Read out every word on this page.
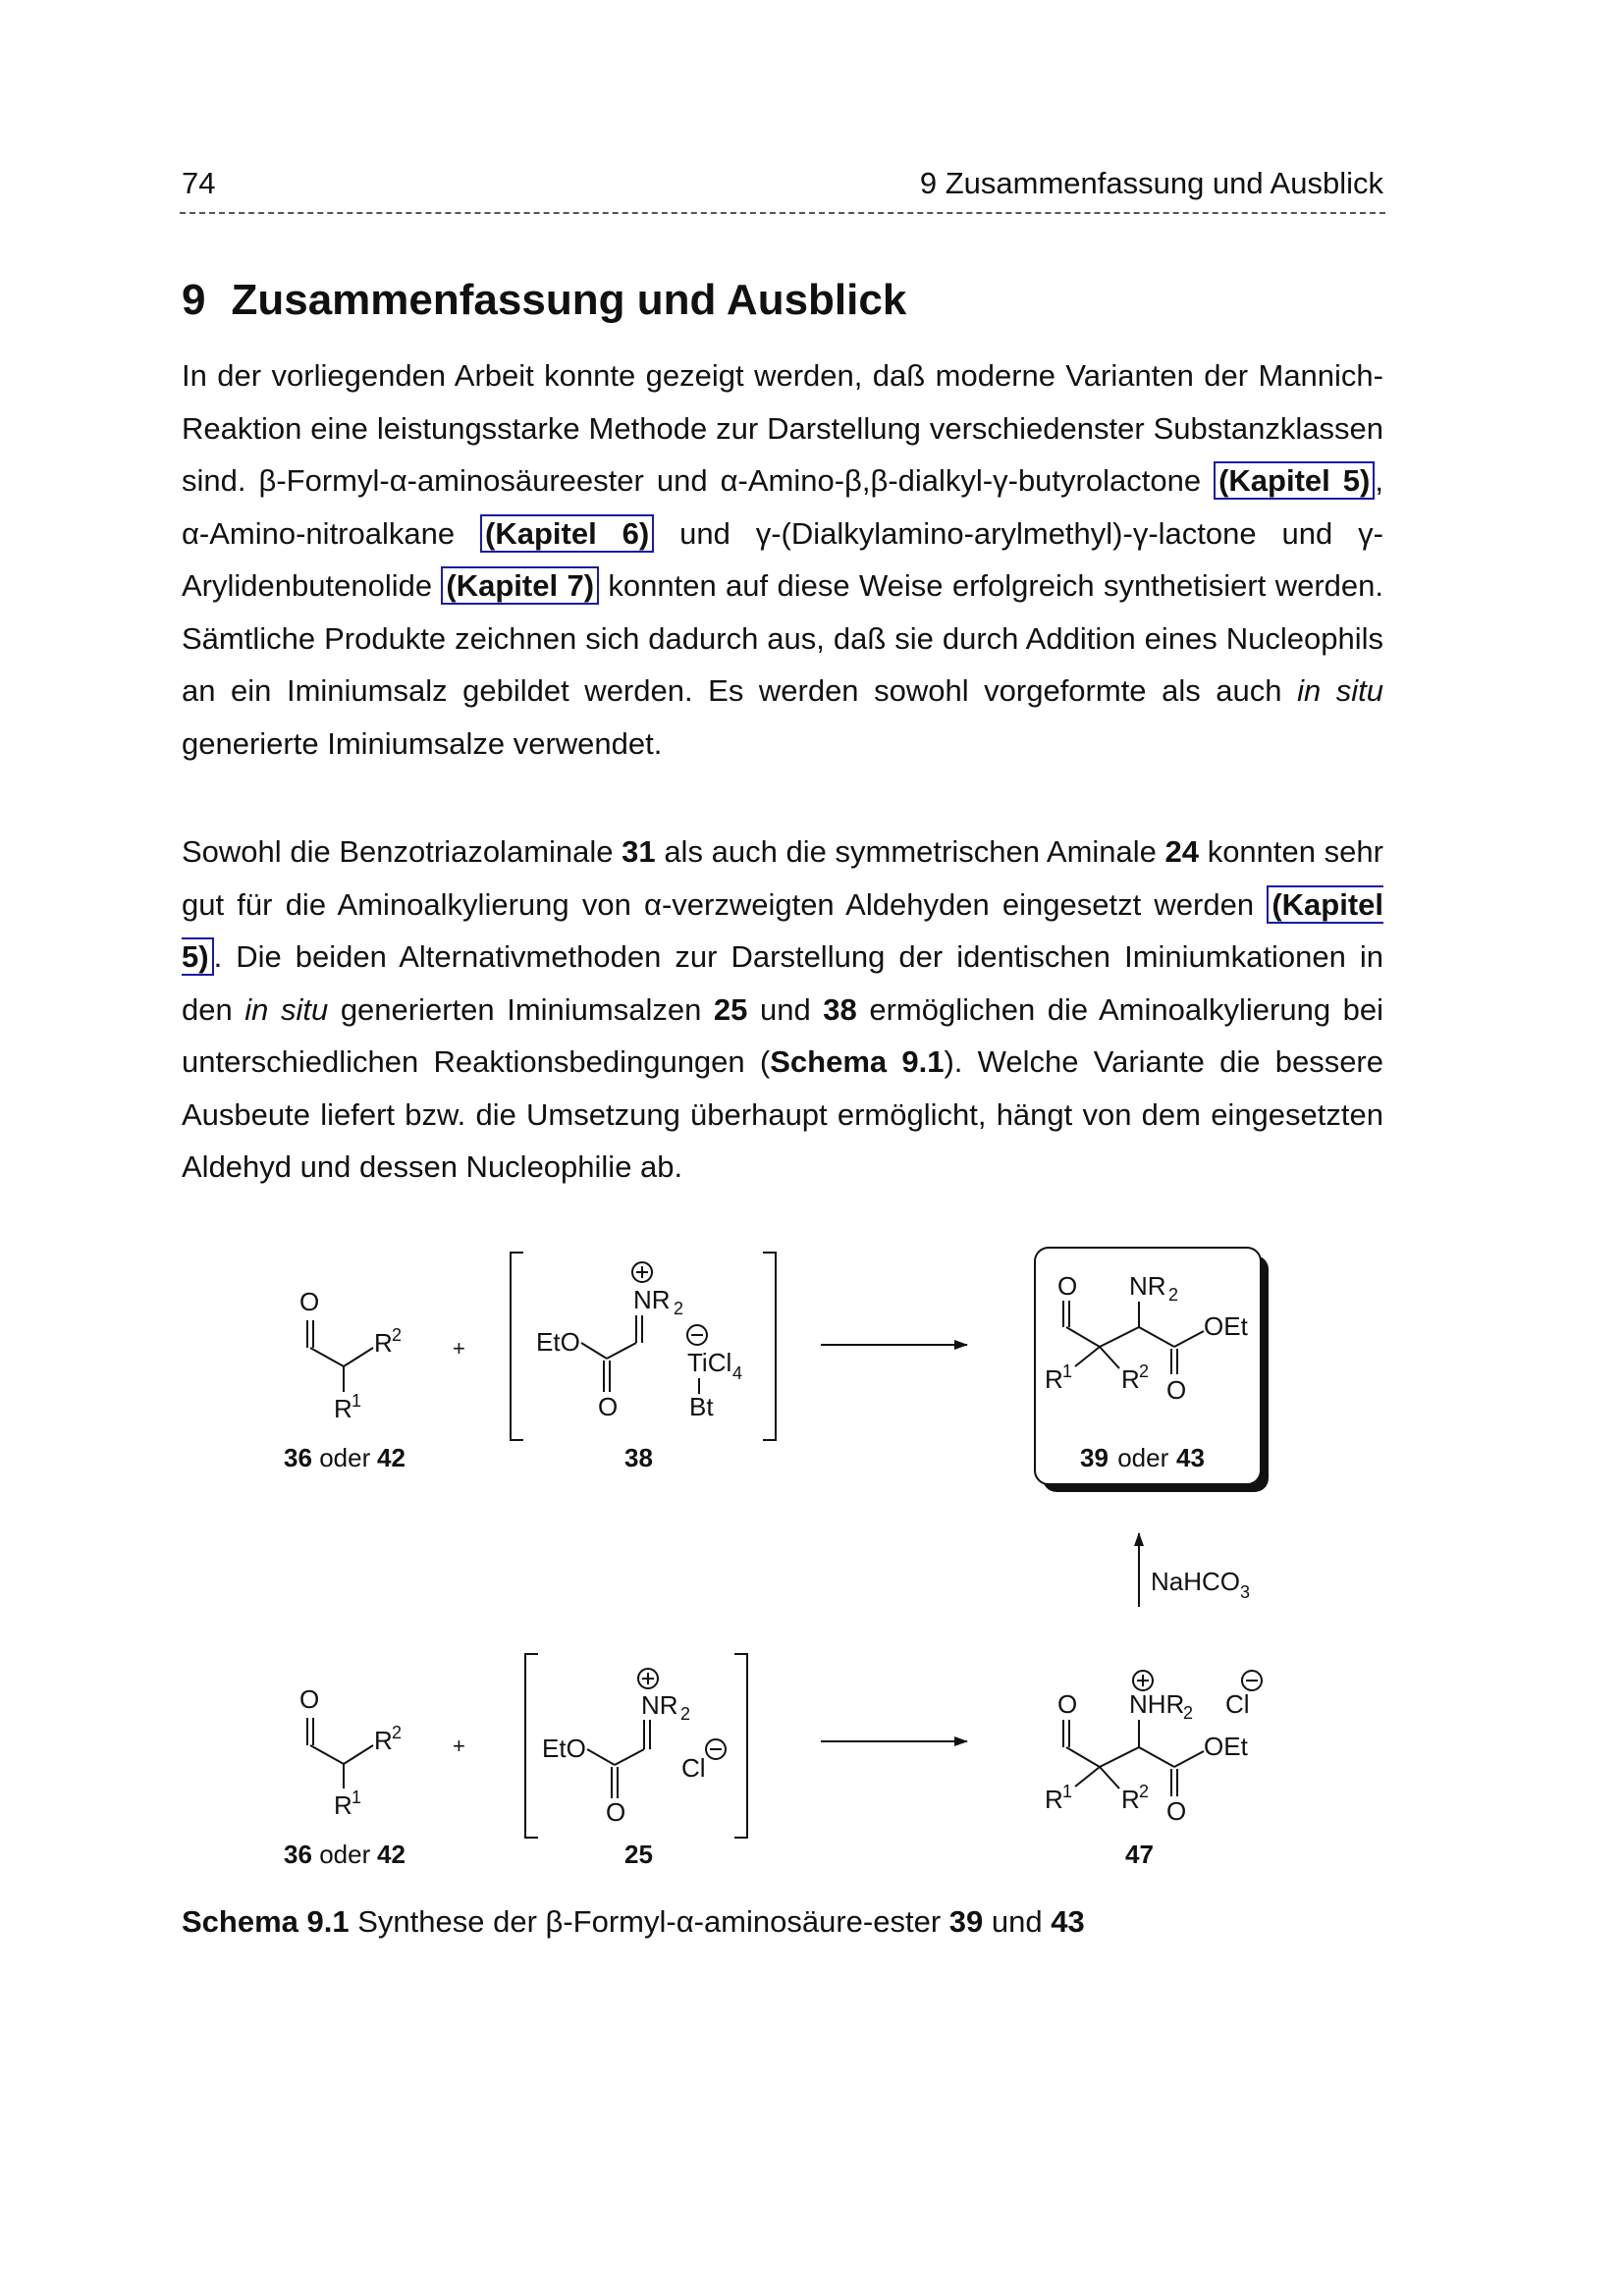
74	9 Zusammenfassung und Ausblick
9 Zusammenfassung und Ausblick

In der vorliegenden Arbeit konnte gezeigt werden, daß moderne Varianten der Mannich-Reaktion eine leistungsstarke Methode zur Darstellung verschiedenster Substanzklassen sind. β-Formyl-α-aminosäureester und α-Amino-β,β-dialkyl-γ-butyrolactone (Kapitel 5) , α-Amino-nitroalkane (Kapitel 6) und γ-(Dialkylamino-arylmethyl)-γ-lactone und γ-Arylidenbutenolide (Kapitel 7) konnten auf diese Weise erfolgreich synthetisiert werden. Sämtliche Produkte zeichnen sich dadurch aus, daß sie durch Addition eines Nucleophils an ein Iminiumsalz gebildet werden. Es werden sowohl vorgeformte als auch in situ generierte Iminiumsalze verwendet.

Sowohl die Benzotriazolaminale 31 als auch die symmetrischen Aminale 24 konnten sehr gut für die Aminoalkylierung von α-verzweigten Aldehyden eingesetzt werden (Kapitel 5) . Die beiden Alternativmethoden zur Darstellung der identischen Iminiumkationen in den in situ generierten Iminiumsalzen 25 und 38 ermöglichen die Aminoalkylierung bei unterschiedlichen Reaktionsbedingungen (Schema 9.1). Welche Variante die bessere Ausbeute liefert bzw. die Umsetzung überhaupt ermöglicht, hängt von dem eingesetzten Aldehyd und dessen Nucleophilie ab.

O
R 2
R 1
+	EtO
O
NR 2
TiCl 4
Bt
O NR 2
OEt
O
R 1 R 2
39 oder 43
36 oder 42	38
NaHCO 3
O
R 2
R 1
+	EtO
O
NR 2
Cl
O NHR
2
OEt
O
R 1 R 2
Cl
36 oder 42	25	47

Schema 9.1 Synthese der β-Formyl-α-aminosäure-ester 39 und 43
